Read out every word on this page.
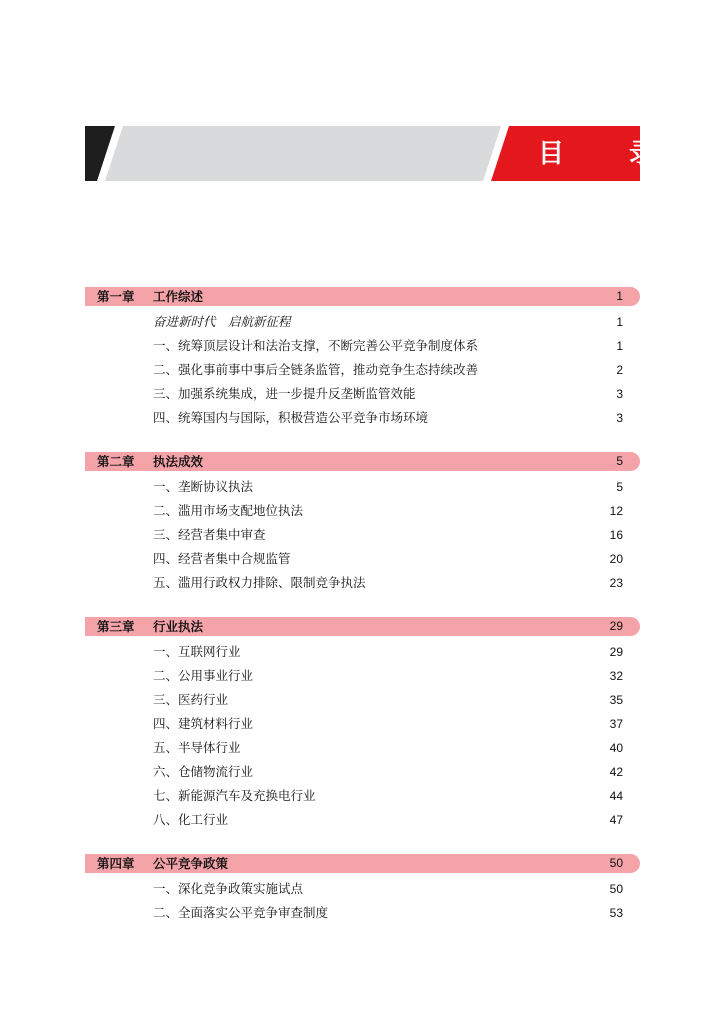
目 录
第一章 工作综述	1
奋进新时代　启航新征程	1
一、统筹顶层设计和法治支撑，不断完善公平竞争制度体系	1
二、强化事前事中事后全链条监管，推动竞争生态持续改善	2
三、加强系统集成，进一步提升反垄断监管效能	3
四、统筹国内与国际，积极营造公平竞争市场环境	3
第二章 执法成效	5
一、垄断协议执法	5
二、滥用市场支配地位执法	12
三、经营者集中审查	16
四、经营者集中合规监管	20
五、滥用行政权力排除、限制竞争执法	23
第三章 行业执法	29
一、互联网行业	29
二、公用事业行业	32
三、医药行业	35
四、建筑材料行业	37
五、半导体行业	40
六、仓储物流行业	42
七、新能源汽车及充换电行业	44
八、化工行业	47
第四章 公平竞争政策	50
一、深化竞争政策实施试点	50
二、全面落实公平竞争审查制度	53
